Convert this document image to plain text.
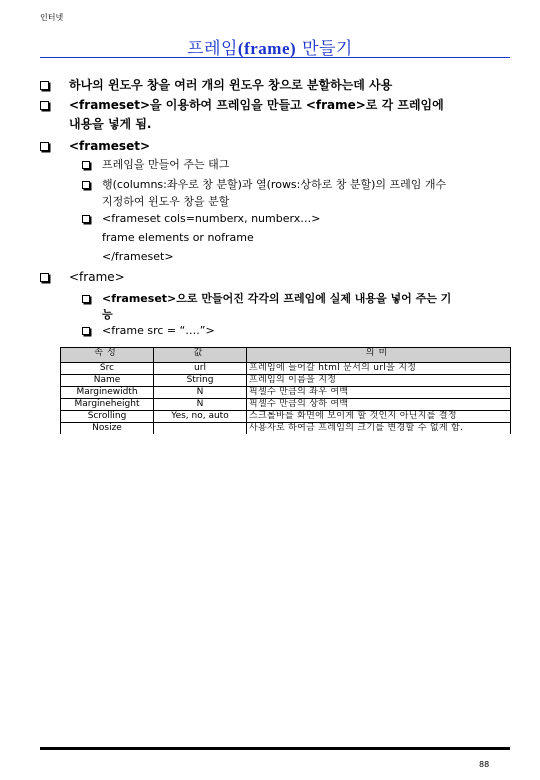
인터넷
프레임(frame) 만들기
하나의 윈도우 창을 여러 개의 윈도우 창으로 분할하는데 사용
<frameset>을 이용하여 프레임을 만들고 <frame>로 각 프레임에
내용을 넣게 됨.
<frameset>
프레임을 만들어 주는 태그
행(columns:좌우로 창 분할)과 열(rows:상하로 창 분할)의 프레임 개수
지정하여 윈도우 창을 분할
<frameset cols=numberx, numberx…>
frame elements or noframe
</frameset>
<frame>
<frameset>으로 만들어진 각각의 프레임에 실제 내용을 넣어 주는 기
능
<frame src = “….”>
속성	값	의미
Src	url	프레임에 들어갈 html 문서의 url을 지정
Name	String	프레임의 이름을 지정
Marginewidth	N	픽셀수 만큼의 좌우 여백
Margineheight	N	픽셀수 만큼의 상하 여백
Scrolling	Yes, no, auto	스크롤바를 화면에 보이게 할 것인지 아닌지를 결정
Nosize		사용자로 하여금 프레임의 크기를 변경할 수 없게 함.
88
